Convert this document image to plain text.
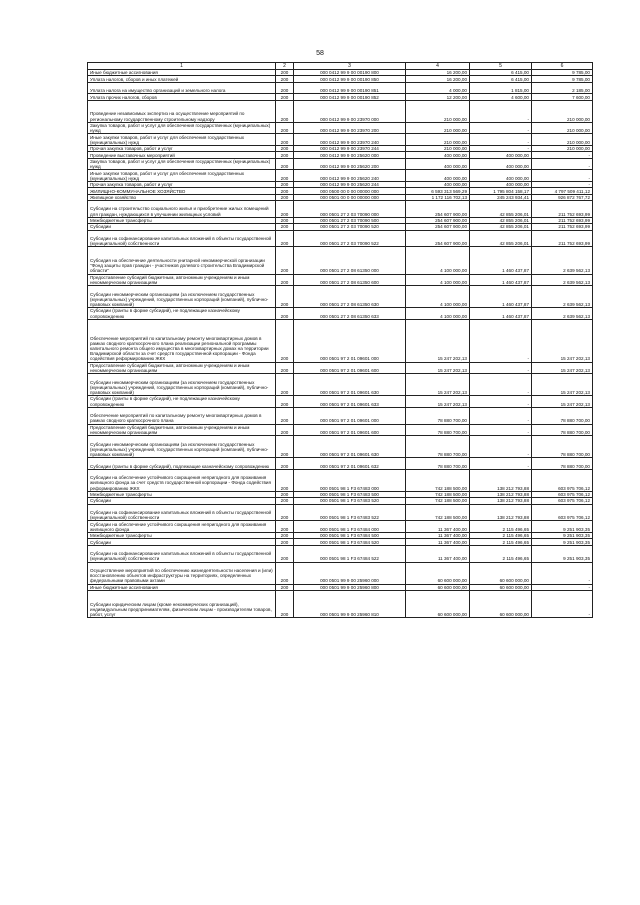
58
1	2	3	4	5	6
Иные бюджетные ассигнования	200	000 0412 99 9 00 00190 800	16 200,00	6 415,00	9 785,00
Уплата налогов, сборов и иных платежей	200	000 0412 99 9 00 00190 850	16 200,00	6 415,00	9 785,00
Уплата налога на имущество организаций и земельного налога	200	000 0412 99 9 00 00190 851	4 000,00	1 815,00	2 185,00
Уплата прочих налогов, сборов	200	000 0412 99 9 00 00190 852	12 200,00	4 600,00	7 600,00
Проведение независимых экспертиз на осуществление мероприятий по региональному государственному строительному надзору	200	000 0412 99 9 00 23970 000	210 000,00	-	210 000,00
Закупка товаров, работ и услуг для обеспечения государственных (муниципальных) нужд	200	000 0412 99 9 00 23970 200	210 000,00	-	210 000,00
Иные закупки товаров, работ и услуг для обеспечения государственных (муниципальных) нужд	200	000 0412 99 9 00 23970 240	210 000,00	-	210 000,00
Прочая закупка товаров, работ и услуг	200	000 0412 99 9 00 23970 244	210 000,00	-	210 000,00
Проведение выставочных мероприятий	200	000 0412 99 9 00 25620 000	400 000,00	400 000,00	-
Закупка товаров, работ и услуг для обеспечения государственных (муниципальных) нужд	200	000 0412 99 9 00 25620 200	400 000,00	400 000,00	-
Иные закупки товаров, работ и услуг для обеспечения государственных (муниципальных) нужд	200	000 0412 99 9 00 25620 240	400 000,00	400 000,00	-
Прочая закупка товаров, работ и услуг	200	000 0412 99 9 00 25620 244	400 000,00	400 000,00	-
ЖИЛИЩНО-КОММУНАЛЬНОЕ ХОЗЯЙСТВО	200	000 0500 00 0 00 00000 000	6 593 313 569,29	1 795 804 158,17	4 797 509 411,12
Жилищное хозяйство	200	000 0501 00 0 00 00000 000	1 172 116 702,13	245 243 934,41	926 872 767,72
Субсидии на строительство социального жилья и приобретение жилых помещений для граждан, нуждающихся в улучшении жилищных условий	200	000 0501 27 2 03 70090 000	254 607 900,00	42 855 206,01	211 752 693,99
Межбюджетные трансферты	200	000 0501 27 2 03 70090 500	254 607 900,00	42 855 206,01	211 752 693,99
Субсидии	200	000 0501 27 2 03 70090 520	254 607 900,00	42 855 206,01	211 752 693,99
Субсидии на софинансирование капитальных вложений в объекты государственной (муниципальной) собственности	200	000 0501 27 2 03 70090 522	254 607 900,00	42 855 206,01	211 752 693,99
Субсидия на обеспечение деятельности унитарной некоммерческой организации "Фонд защиты прав граждан - участников долевого строительства Владимирской области"	200	000 0501 27 2 08 61350 000	4 100 000,00	1 460 437,87	2 639 562,13
Предоставление субсидий бюджетным, автономным учреждениям и иным некоммерческим организациям	200	000 0501 27 2 08 61350 600	4 100 000,00	1 460 437,87	2 639 562,13
Субсидии некоммерческим организациям (за исключением государственных (муниципальных) учреждений, государственных корпораций (компаний), публично-правовых компаний)	200	000 0501 27 2 08 61350 630	4 100 000,00	1 460 437,87	2 639 562,13
Субсидии (гранты в форме субсидий), не подлежащие казначейскому сопровождению	200	000 0501 27 2 08 61350 633	4 100 000,00	1 460 437,87	2 639 562,13
Обеспечение мероприятий по капитальному ремонту многоквартирных домов в рамках сводного краткосрочного плана реализации региональной программы капитального ремонта общего имущества в многоквартирных домах на территории Владимирской области за счет средств государственной корпорации - Фонда содействия реформированию ЖКХ	200	000 0501 97 2 01 09601 000	15 247 202,13	-	15 247 202,13
Предоставление субсидий бюджетным, автономным учреждениям и иным некоммерческим организациям	200	000 0501 97 2 01 09601 600	15 247 202,13	-	15 247 202,13
Субсидии некоммерческим организациям (за исключением государственных (муниципальных) учреждений, государственных корпораций (компаний), публично-правовых компаний)	200	000 0501 97 2 01 09601 630	15 247 202,13	-	15 247 202,13
Субсидии (гранты в форме субсидий), не подлежащие казначейскому сопровождению	200	000 0501 97 2 01 09601 633	15 247 202,13	-	15 247 202,13
Обеспечение мероприятий по капитальному ремонту многоквартирных домов в рамках сводного краткосрочного плана	200	000 0501 97 2 01 09601 000	78 880 700,00	-	78 880 700,00
Предоставление субсидий бюджетным, автономным учреждениям и иным некоммерческим организациям	200	000 0501 97 2 01 09601 600	78 880 700,00	-	78 880 700,00
Субсидии некоммерческим организациям (за исключением государственных (муниципальных) учреждений, государственных корпораций (компаний), публично-правовых компаний)	200	000 0501 97 2 01 09601 630	78 880 700,00	-	78 880 700,00
Субсидии (гранты в форме субсидий), подлежащие казначейскому сопровождению	200	000 0501 97 2 01 09601 632	78 880 700,00	-	78 880 700,00
Субсидии на обеспечение устойчивого сокращения непригодного для проживания жилищного фонда за счет средств государственной корпорации - Фонда содействия реформированию ЖКХ	200	000 0501 98 1 F3 67483 000	742 188 500,00	138 212 793,88	603 975 706,12
Межбюджетные трансферты	200	000 0501 98 1 F3 67483 500	742 188 500,00	138 212 793,88	603 975 706,12
Субсидии	200	000 0501 98 1 F3 67483 520	742 188 500,00	138 212 793,88	603 975 706,12
Субсидии на софинансирование капитальных вложений в объекты государственной (муниципальной) собственности	200	000 0501 98 1 F3 67483 522	742 188 500,00	138 212 793,88	603 975 706,12
Субсидии на обеспечение устойчивого сокращения непригодного для проживания жилищного фонда	200	000 0501 98 1 F3 67484 000	11 367 400,00	2 115 496,65	9 251 903,35
Межбюджетные трансферты	200	000 0501 98 1 F3 67484 500	11 367 400,00	2 115 496,65	9 251 903,35
Субсидии	200	000 0501 98 1 F3 67484 520	11 367 400,00	2 115 496,65	9 251 903,35
Субсидии на софинансирование капитальных вложений в объекты государственной (муниципальной) собственности	200	000 0501 98 1 F3 67484 522	11 367 400,00	2 115 496,65	9 251 903,35
Осуществление мероприятий по обеспечению жизнедеятельности населения и (или) восстановлению объектов инфраструктуры на территориях, определенных федеральными правовыми актами	200	000 0501 99 9 00 25960 000	60 600 000,00	60 600 000,00	-
Иные бюджетные ассигнования	200	000 0501 99 9 00 25960 800	60 600 000,00	60 600 000,00	-
Субсидии юридическим лицам (кроме некоммерческих организаций), индивидуальным предпринимателям, физическим лицам - производителям товаров, работ, услуг	200	000 0501 99 9 00 25960 810	60 600 000,00	60 600 000,00	-
